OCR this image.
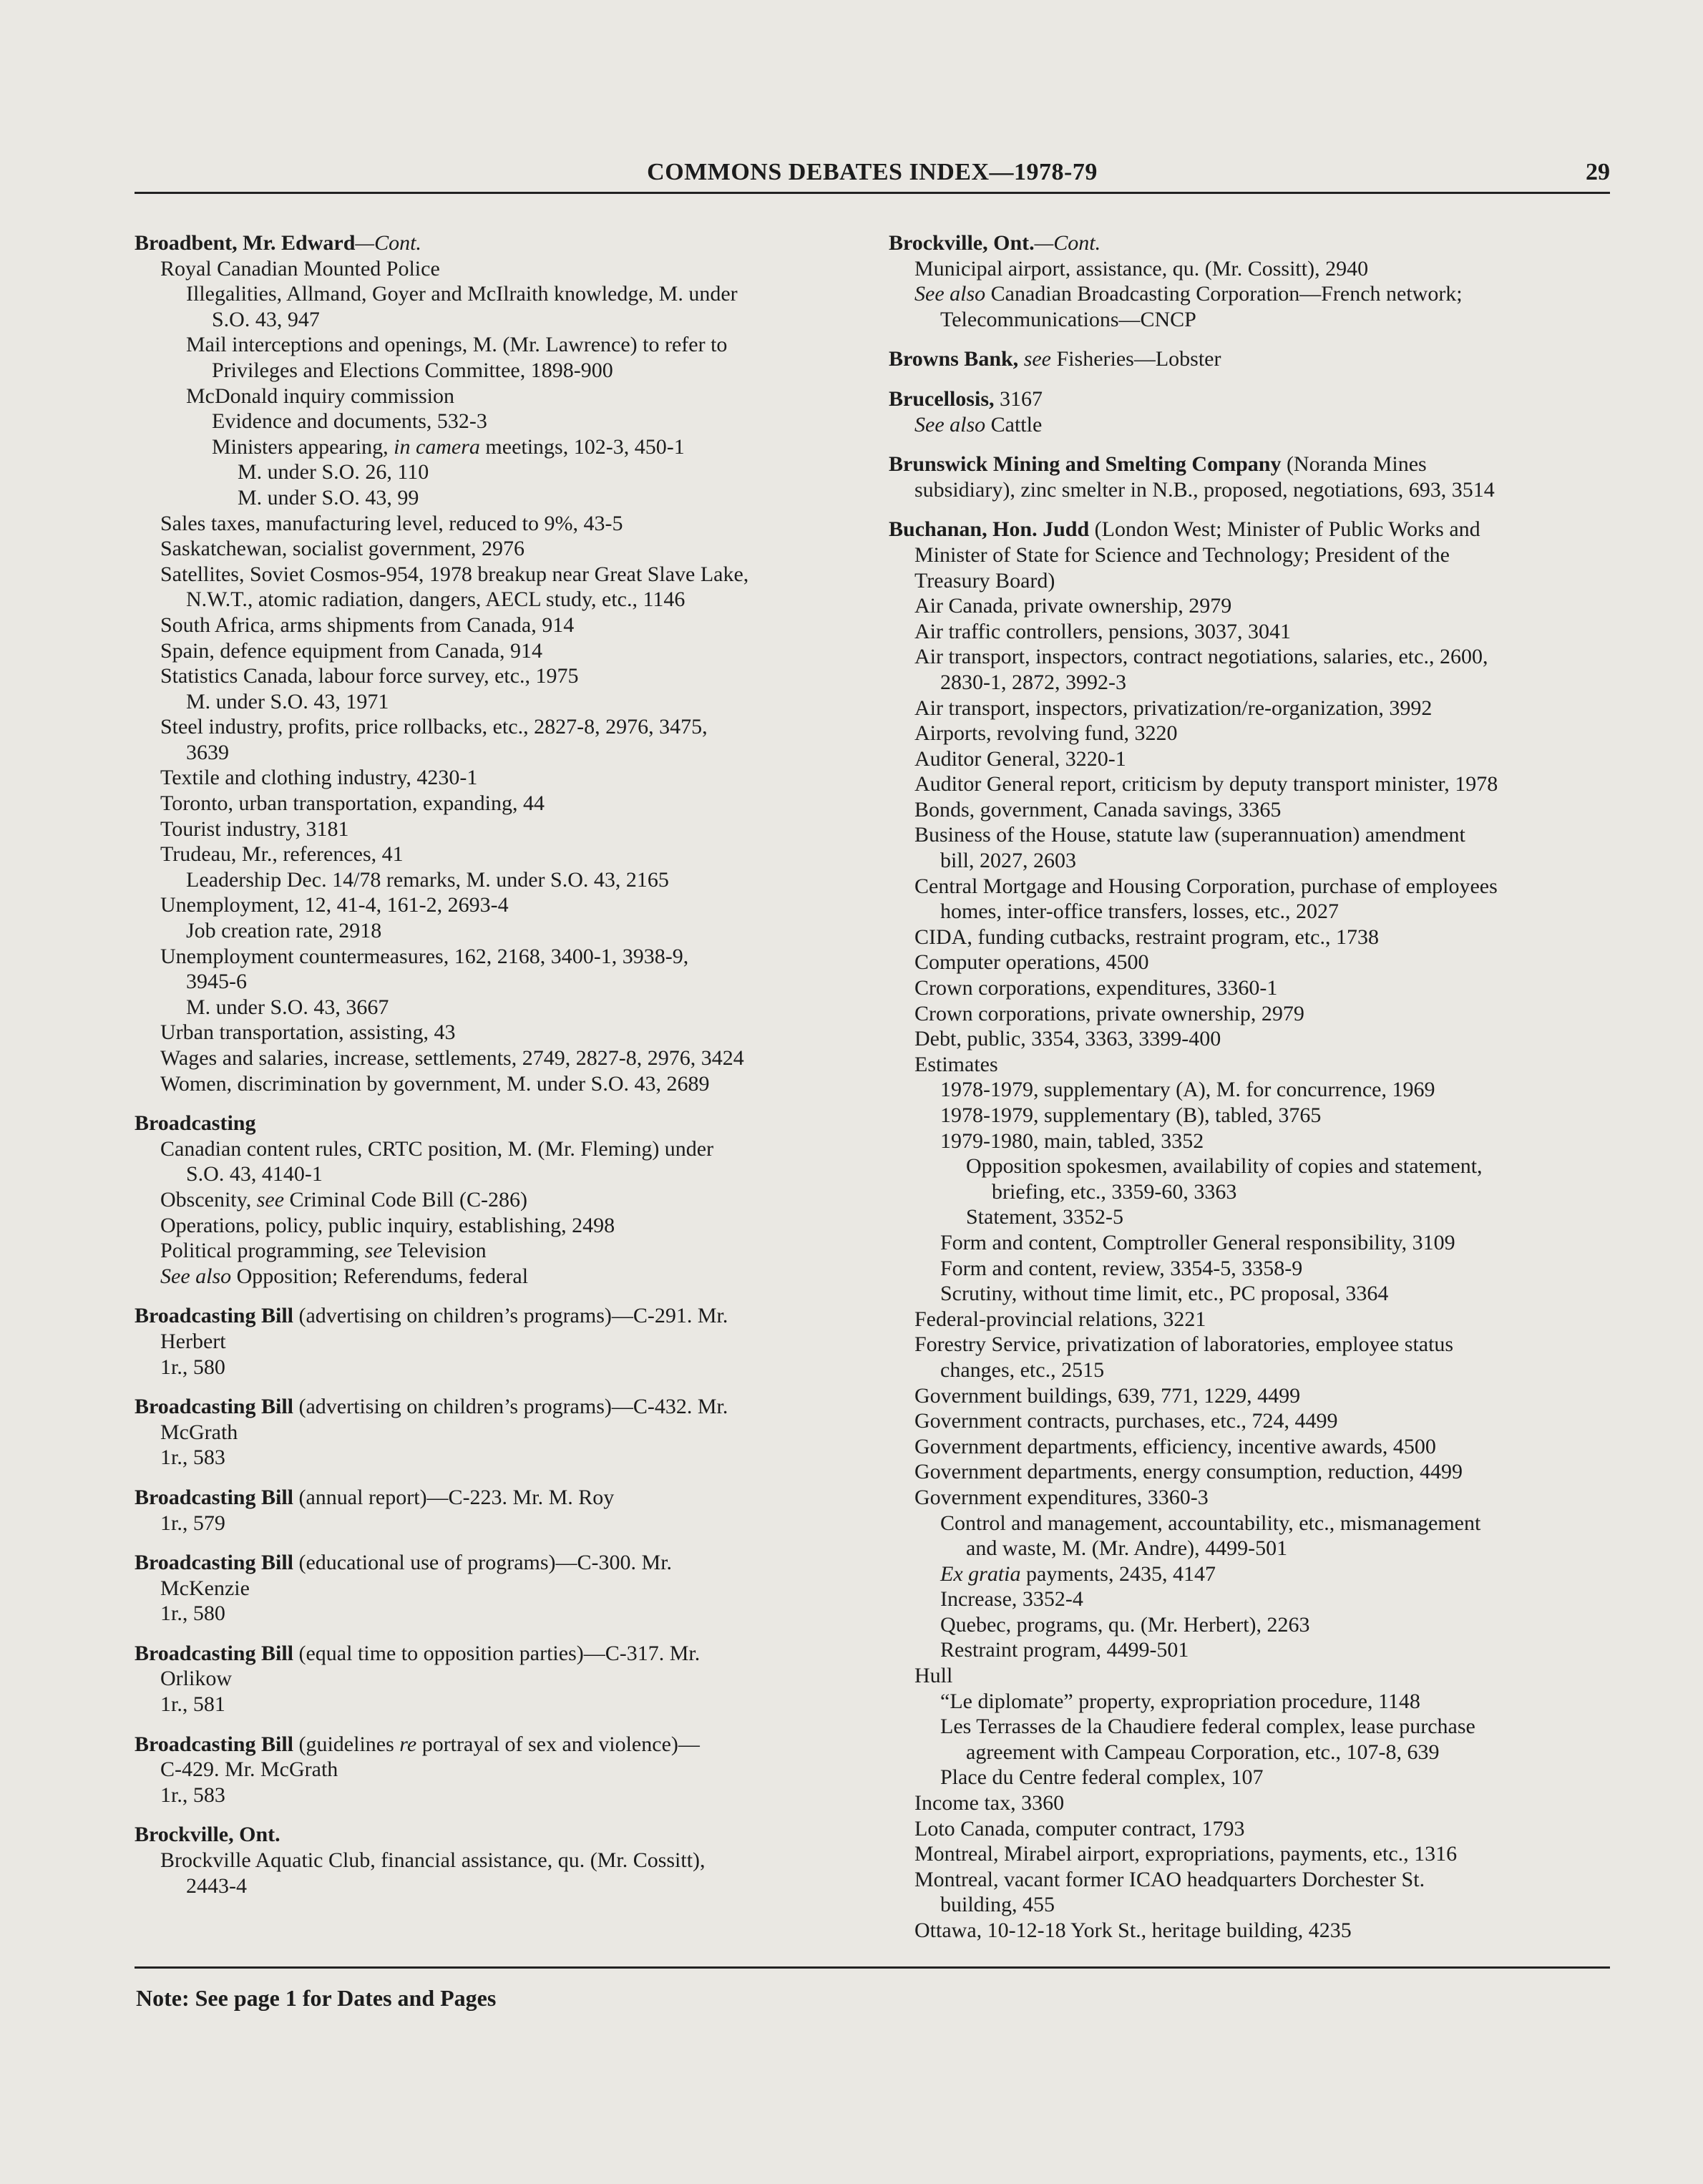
COMMONS DEBATES INDEX—1978-79	29
Broadbent, Mr. Edward—Cont.
Royal Canadian Mounted Police
Illegalities, Allmand, Goyer and McIlraith knowledge, M. under
S.O. 43, 947
Mail interceptions and openings, M. (Mr. Lawrence) to refer to
Privileges and Elections Committee, 1898-900
McDonald inquiry commission
Evidence and documents, 532-3
Ministers appearing, in camera meetings, 102-3, 450-1
M. under S.O. 26, 110
M. under S.O. 43, 99
Sales taxes, manufacturing level, reduced to 9%, 43-5
Saskatchewan, socialist government, 2976
Satellites, Soviet Cosmos-954, 1978 breakup near Great Slave Lake,
N.W.T., atomic radiation, dangers, AECL study, etc., 1146
South Africa, arms shipments from Canada, 914
Spain, defence equipment from Canada, 914
Statistics Canada, labour force survey, etc., 1975
M. under S.O. 43, 1971
Steel industry, profits, price rollbacks, etc., 2827-8, 2976, 3475,
3639
Textile and clothing industry, 4230-1
Toronto, urban transportation, expanding, 44
Tourist industry, 3181
Trudeau, Mr., references, 41
Leadership Dec. 14/78 remarks, M. under S.O. 43, 2165
Unemployment, 12, 41-4, 161-2, 2693-4
Job creation rate, 2918
Unemployment countermeasures, 162, 2168, 3400-1, 3938-9,
3945-6
M. under S.O. 43, 3667
Urban transportation, assisting, 43
Wages and salaries, increase, settlements, 2749, 2827-8, 2976, 3424
Women, discrimination by government, M. under S.O. 43, 2689
Broadcasting
Canadian content rules, CRTC position, M. (Mr. Fleming) under
S.O. 43, 4140-1
Obscenity, see Criminal Code Bill (C-286)
Operations, policy, public inquiry, establishing, 2498
Political programming, see Television
See also Opposition; Referendums, federal
Broadcasting Bill (advertising on children’s programs)—C-291. Mr.
Herbert
1r., 580
Broadcasting Bill (advertising on children’s programs)—C-432. Mr.
McGrath
1r., 583
Broadcasting Bill (annual report)—C-223. Mr. M. Roy
1r., 579
Broadcasting Bill (educational use of programs)—C-300. Mr.
McKenzie
1r., 580
Broadcasting Bill (equal time to opposition parties)—C-317. Mr.
Orlikow
1r., 581
Broadcasting Bill (guidelines re portrayal of sex and violence)—
C-429. Mr. McGrath
1r., 583
Brockville, Ont.
Brockville Aquatic Club, financial assistance, qu. (Mr. Cossitt),
2443-4
Brockville, Ont.—Cont.
Municipal airport, assistance, qu. (Mr. Cossitt), 2940
See also Canadian Broadcasting Corporation—French network;
Telecommunications—CNCP
Browns Bank, see Fisheries—Lobster
Brucellosis, 3167
See also Cattle
Brunswick Mining and Smelting Company (Noranda Mines
subsidiary), zinc smelter in N.B., proposed, negotiations, 693, 3514
Buchanan, Hon. Judd (London West; Minister of Public Works and
Minister of State for Science and Technology; President of the
Treasury Board)
Air Canada, private ownership, 2979
Air traffic controllers, pensions, 3037, 3041
Air transport, inspectors, contract negotiations, salaries, etc., 2600,
2830-1, 2872, 3992-3
Air transport, inspectors, privatization/re-organization, 3992
Airports, revolving fund, 3220
Auditor General, 3220-1
Auditor General report, criticism by deputy transport minister, 1978
Bonds, government, Canada savings, 3365
Business of the House, statute law (superannuation) amendment
bill, 2027, 2603
Central Mortgage and Housing Corporation, purchase of employees
homes, inter-office transfers, losses, etc., 2027
CIDA, funding cutbacks, restraint program, etc., 1738
Computer operations, 4500
Crown corporations, expenditures, 3360-1
Crown corporations, private ownership, 2979
Debt, public, 3354, 3363, 3399-400
Estimates
1978-1979, supplementary (A), M. for concurrence, 1969
1978-1979, supplementary (B), tabled, 3765
1979-1980, main, tabled, 3352
Opposition spokesmen, availability of copies and statement,
briefing, etc., 3359-60, 3363
Statement, 3352-5
Form and content, Comptroller General responsibility, 3109
Form and content, review, 3354-5, 3358-9
Scrutiny, without time limit, etc., PC proposal, 3364
Federal-provincial relations, 3221
Forestry Service, privatization of laboratories, employee status
changes, etc., 2515
Government buildings, 639, 771, 1229, 4499
Government contracts, purchases, etc., 724, 4499
Government departments, efficiency, incentive awards, 4500
Government departments, energy consumption, reduction, 4499
Government expenditures, 3360-3
Control and management, accountability, etc., mismanagement
and waste, M. (Mr. Andre), 4499-501
Ex gratia payments, 2435, 4147
Increase, 3352-4
Quebec, programs, qu. (Mr. Herbert), 2263
Restraint program, 4499-501
Hull
“Le diplomate” property, expropriation procedure, 1148
Les Terrasses de la Chaudiere federal complex, lease purchase
agreement with Campeau Corporation, etc., 107-8, 639
Place du Centre federal complex, 107
Income tax, 3360
Loto Canada, computer contract, 1793
Montreal, Mirabel airport, expropriations, payments, etc., 1316
Montreal, vacant former ICAO headquarters Dorchester St.
building, 455
Ottawa, 10-12-18 York St., heritage building, 4235
Note: See page 1 for Dates and Pages
